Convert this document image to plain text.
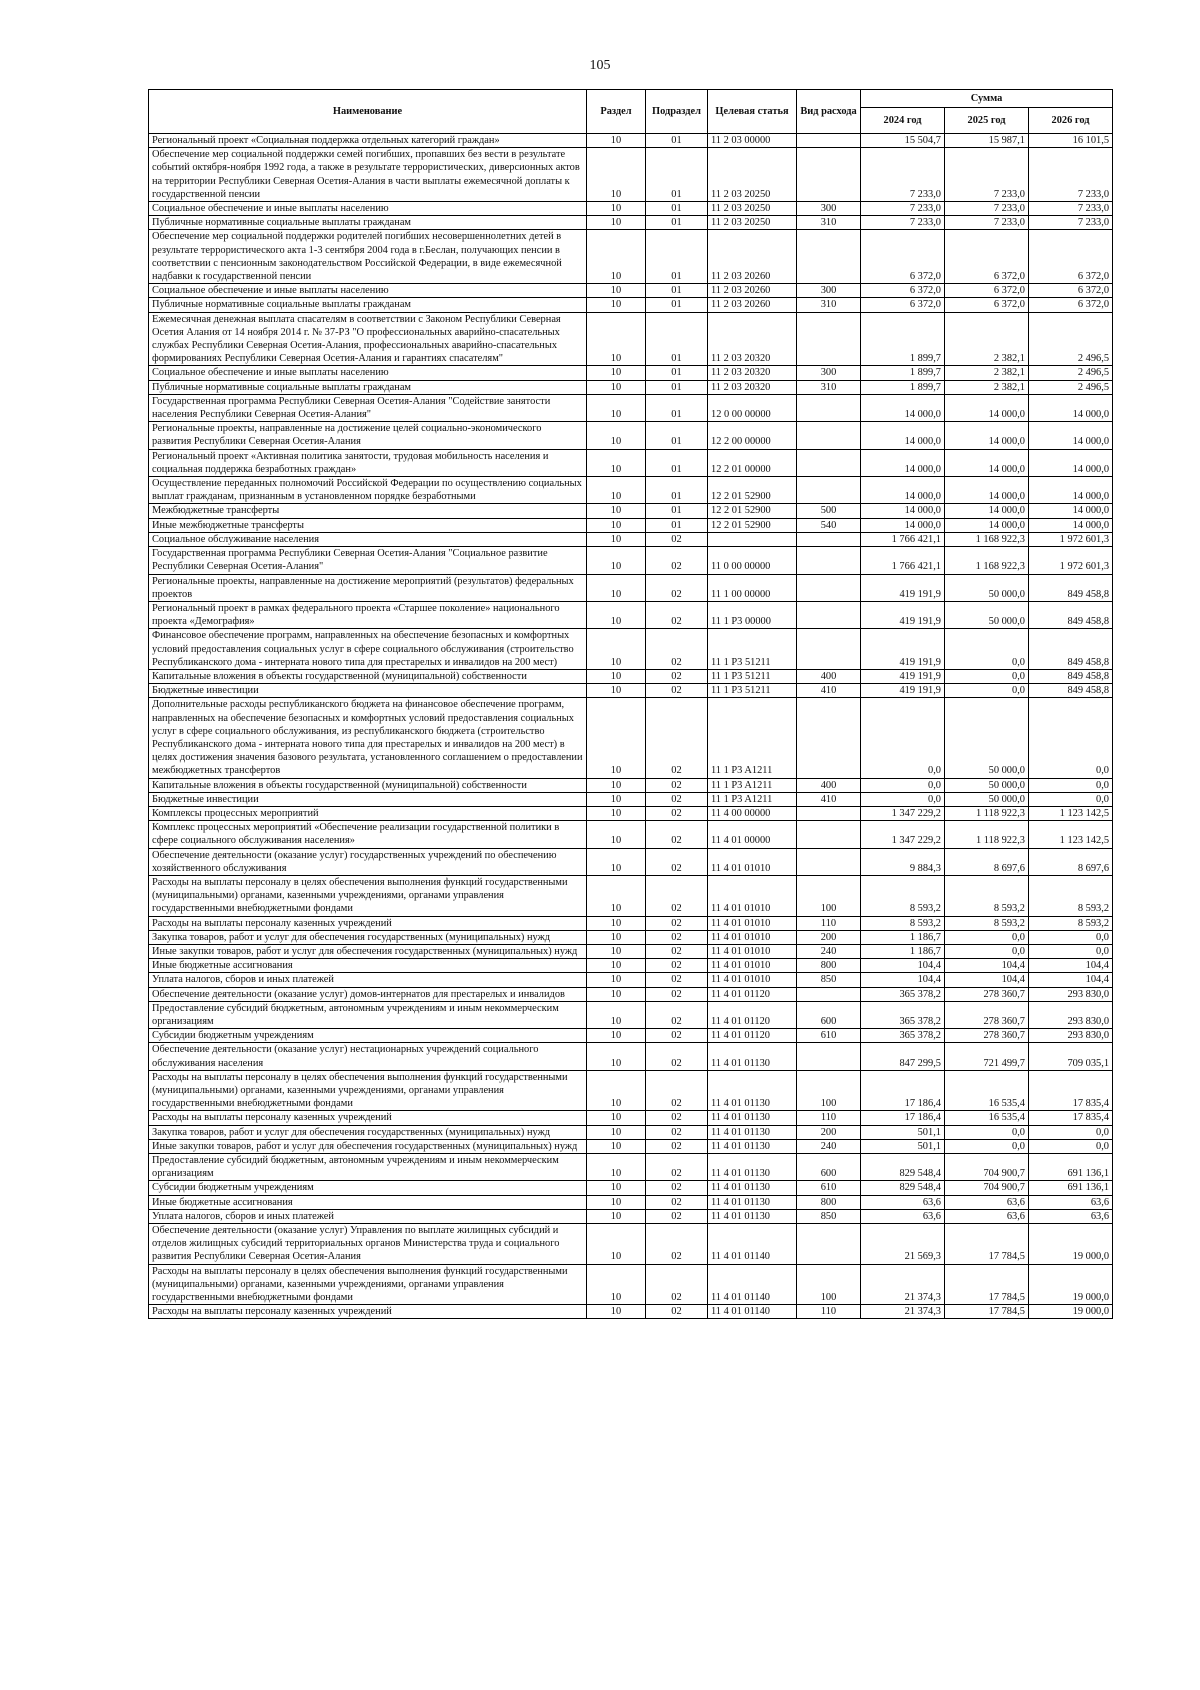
105
Наименование	Раздел	Подраздел	Целевая статья	Вид расхода	Сумма		
					2024 год	2025 год	2026 год
Региональный проект «Социальная поддержка отдельных категорий граждан»	10	01	11 2 03 00000		15 504,7	15 987,1	16 101,5
Обеспечение мер социальной поддержки семей погибших, пропавших без вести в результате событий октября-ноября 1992 года, а также в результате террористических, диверсионных актов на территории Республики Северная Осетия-Алания в части выплаты ежемесячной доплаты к государственной пенсии	10	01	11 2 03 20250		7 233,0	7 233,0	7 233,0
Социальное обеспечение и иные выплаты населению	10	01	11 2 03 20250	300	7 233,0	7 233,0	7 233,0
Публичные нормативные социальные выплаты гражданам	10	01	11 2 03 20250	310	7 233,0	7 233,0	7 233,0
Обеспечение мер социальной поддержки родителей погибших несовершеннолетних детей в результате террористического акта 1-3 сентября 2004 года в г.Беслан, получающих пенсии в соответствии с пенсионным законодательством Российской Федерации, в виде ежемесячной надбавки к государственной пенсии	10	01	11 2 03 20260		6 372,0	6 372,0	6 372,0
Социальное обеспечение и иные выплаты населению	10	01	11 2 03 20260	300	6 372,0	6 372,0	6 372,0
Публичные нормативные социальные выплаты гражданам	10	01	11 2 03 20260	310	6 372,0	6 372,0	6 372,0
Ежемесячная денежная выплата спасателям в соответствии с Законом Республики Северная Осетия Алания от 14 ноября 2014 г. № 37-РЗ "О профессиональных аварийно-спасательных службах Республики Северная Осетия-Алания, профессиональных аварийно-спасательных формированиях Республики Северная Осетия-Алания и гарантиях спасателям"	10	01	11 2 03 20320		1 899,7	2 382,1	2 496,5
Социальное обеспечение и иные выплаты населению	10	01	11 2 03 20320	300	1 899,7	2 382,1	2 496,5
Публичные нормативные социальные выплаты гражданам	10	01	11 2 03 20320	310	1 899,7	2 382,1	2 496,5
Государственная программа Республики Северная Осетия-Алания "Содействие занятости населения Республики Северная Осетия-Алания"	10	01	12 0 00 00000		14 000,0	14 000,0	14 000,0
Региональные проекты, направленные на достижение целей социально-экономического развития Республики Северная Осетия-Алания	10	01	12 2 00 00000		14 000,0	14 000,0	14 000,0
Региональный проект «Активная политика занятости, трудовая мобильность населения и социальная поддержка безработных граждан»	10	01	12 2 01 00000		14 000,0	14 000,0	14 000,0
Осуществление переданных полномочий Российской Федерации по осуществлению социальных выплат гражданам, признанным в установленном порядке безработными	10	01	12 2 01 52900		14 000,0	14 000,0	14 000,0
Межбюджетные трансферты	10	01	12 2 01 52900	500	14 000,0	14 000,0	14 000,0
Иные межбюджетные трансферты	10	01	12 2 01 52900	540	14 000,0	14 000,0	14 000,0
Социальное обслуживание населения	10	02			1 766 421,1	1 168 922,3	1 972 601,3
Государственная программа Республики Северная Осетия-Алания "Социальное развитие Республики Северная Осетия-Алания"	10	02	11 0 00 00000		1 766 421,1	1 168 922,3	1 972 601,3
Региональные проекты, направленные на достижение мероприятий (результатов) федеральных проектов	10	02	11 1 00 00000		419 191,9	50 000,0	849 458,8
Региональный проект в рамках федерального проекта «Старшее поколение» национального проекта «Демография»	10	02	11 1 P3 00000		419 191,9	50 000,0	849 458,8
Финансовое обеспечение программ, направленных на обеспечение безопасных и комфортных условий предоставления социальных услуг в сфере социального обслуживания (строительство Республиканского дома - интерната нового типа для престарелых и инвалидов на 200 мест)	10	02	11 1 P3 51211		419 191,9	0,0	849 458,8
Капитальные вложения в объекты государственной (муниципальной) собственности	10	02	11 1 P3 51211	400	419 191,9	0,0	849 458,8
Бюджетные инвестиции	10	02	11 1 P3 51211	410	419 191,9	0,0	849 458,8
Дополнительные расходы республиканского бюджета на финансовое обеспечение программ, направленных на обеспечение безопасных и комфортных условий предоставления социальных услуг в сфере социального обслуживания, из республиканского бюджета (строительство Республиканского дома - интерната нового типа для престарелых и инвалидов на 200 мест) в целях достижения значения базового результата, установленного соглашением о предоставлении межбюджетных трансфертов	10	02	11 1 P3 A1211		0,0	50 000,0	0,0
Капитальные вложения в объекты государственной (муниципальной) собственности	10	02	11 1 P3 A1211	400	0,0	50 000,0	0,0
Бюджетные инвестиции	10	02	11 1 P3 A1211	410	0,0	50 000,0	0,0
Комплексы процессных мероприятий	10	02	11 4 00 00000		1 347 229,2	1 118 922,3	1 123 142,5
Комплекс процессных мероприятий «Обеспечение реализации государственной политики в сфере социального обслуживания населения»	10	02	11 4 01 00000		1 347 229,2	1 118 922,3	1 123 142,5
Обеспечение деятельности (оказание услуг) государственных учреждений по обеспечению хозяйственного обслуживания	10	02	11 4 01 01010		9 884,3	8 697,6	8 697,6
Расходы на выплаты персоналу в целях обеспечения выполнения функций государственными (муниципальными) органами, казенными учреждениями, органами управления государственными внебюджетными фондами	10	02	11 4 01 01010	100	8 593,2	8 593,2	8 593,2
Расходы на выплаты персоналу казенных учреждений	10	02	11 4 01 01010	110	8 593,2	8 593,2	8 593,2
Закупка товаров, работ и услуг для обеспечения государственных (муниципальных) нужд	10	02	11 4 01 01010	200	1 186,7	0,0	0,0
Иные закупки товаров, работ и услуг для обеспечения государственных (муниципальных) нужд	10	02	11 4 01 01010	240	1 186,7	0,0	0,0
Иные бюджетные ассигнования	10	02	11 4 01 01010	800	104,4	104,4	104,4
Уплата налогов, сборов и иных платежей	10	02	11 4 01 01010	850	104,4	104,4	104,4
Обеспечение деятельности (оказание услуг) домов-интернатов для престарелых и инвалидов	10	02	11 4 01 01120		365 378,2	278 360,7	293 830,0
Предоставление субсидий бюджетным, автономным учреждениям и иным некоммерческим организациям	10	02	11 4 01 01120	600	365 378,2	278 360,7	293 830,0
Субсидии бюджетным учреждениям	10	02	11 4 01 01120	610	365 378,2	278 360,7	293 830,0
Обеспечение деятельности (оказание услуг) нестационарных учреждений социального обслуживания населения	10	02	11 4 01 01130		847 299,5	721 499,7	709 035,1
Расходы на выплаты персоналу в целях обеспечения выполнения функций государственными (муниципальными) органами, казенными учреждениями, органами управления государственными внебюджетными фондами	10	02	11 4 01 01130	100	17 186,4	16 535,4	17 835,4
Расходы на выплаты персоналу казенных учреждений	10	02	11 4 01 01130	110	17 186,4	16 535,4	17 835,4
Закупка товаров, работ и услуг для обеспечения государственных (муниципальных) нужд	10	02	11 4 01 01130	200	501,1	0,0	0,0
Иные закупки товаров, работ и услуг для обеспечения государственных (муниципальных) нужд	10	02	11 4 01 01130	240	501,1	0,0	0,0
Предоставление субсидий бюджетным, автономным учреждениям и иным некоммерческим организациям	10	02	11 4 01 01130	600	829 548,4	704 900,7	691 136,1
Субсидии бюджетным учреждениям	10	02	11 4 01 01130	610	829 548,4	704 900,7	691 136,1
Иные бюджетные ассигнования	10	02	11 4 01 01130	800	63,6	63,6	63,6
Уплата налогов, сборов и иных платежей	10	02	11 4 01 01130	850	63,6	63,6	63,6
Обеспечение деятельности (оказание услуг) Управления по выплате жилищных субсидий и отделов жилищных субсидий территориальных органов Министерства труда и социального развития Республики Северная Осетия-Алания	10	02	11 4 01 01140		21 569,3	17 784,5	19 000,0
Расходы на выплаты персоналу в целях обеспечения выполнения функций государственными (муниципальными) органами, казенными учреждениями, органами управления государственными внебюджетными фондами	10	02	11 4 01 01140	100	21 374,3	17 784,5	19 000,0
Расходы на выплаты персоналу казенных учреждений	10	02	11 4 01 01140	110	21 374,3	17 784,5	19 000,0
